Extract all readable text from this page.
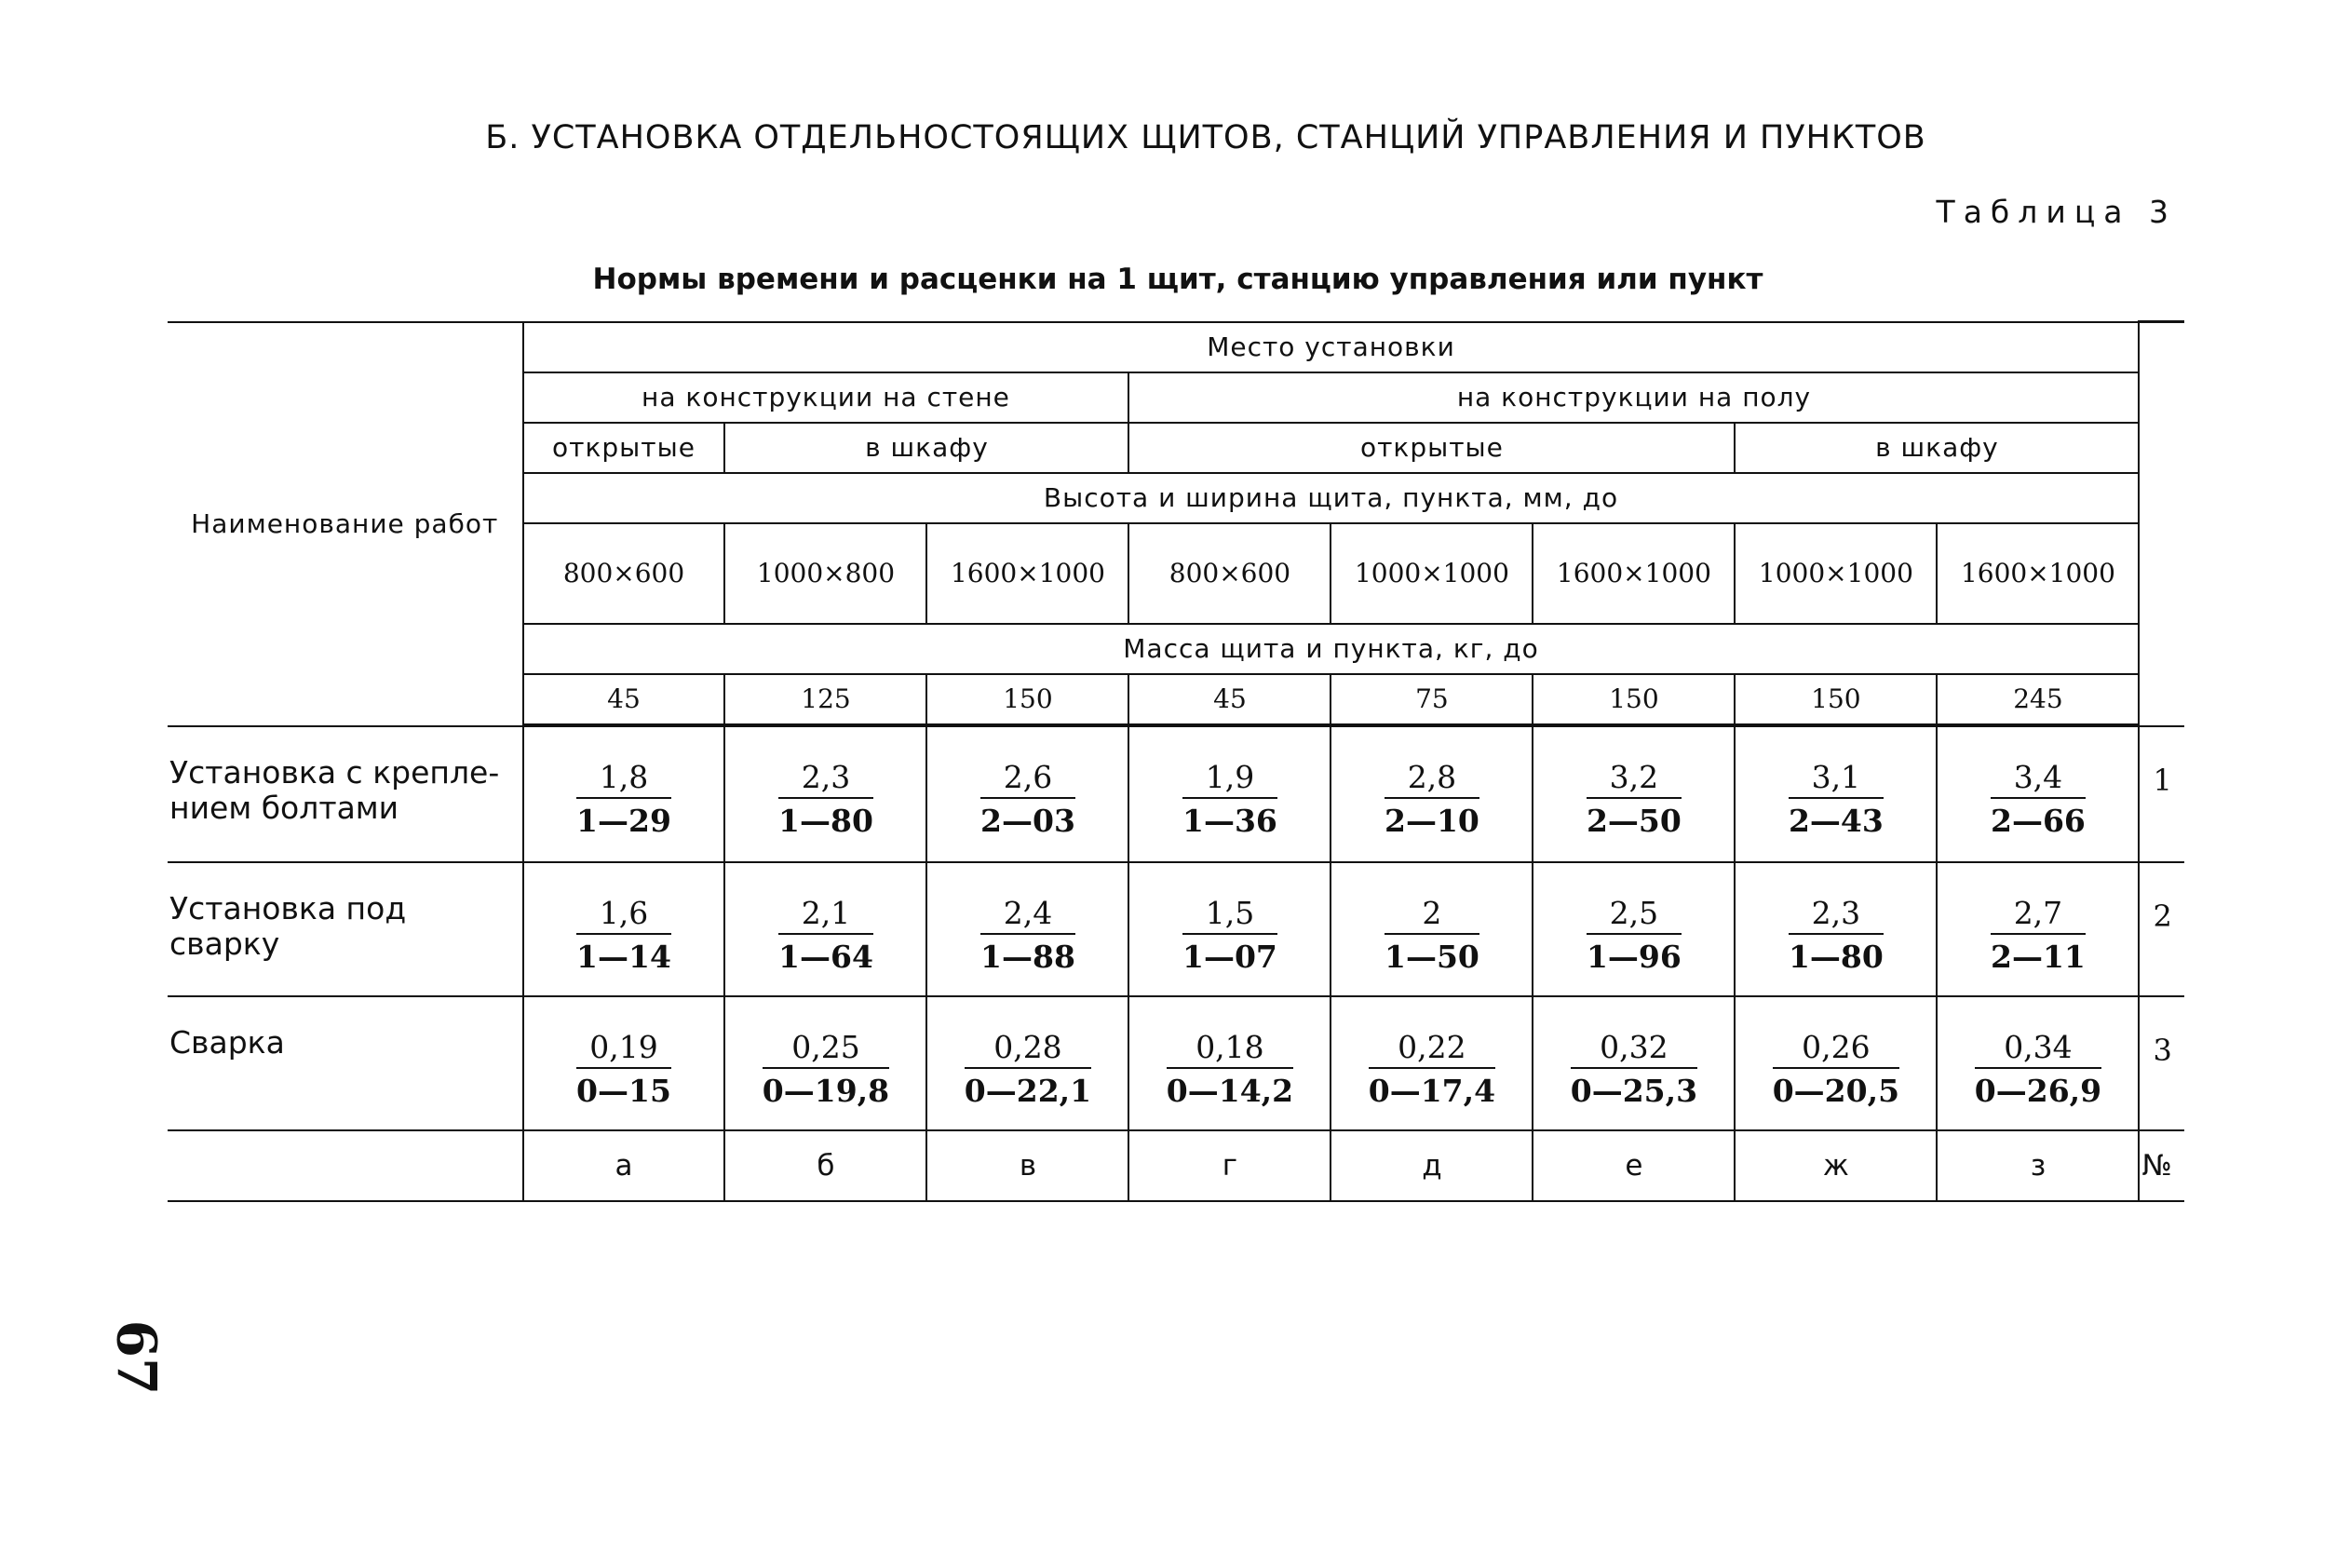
Б. УСТАНОВКА ОТДЕЛЬНОСТОЯЩИХ ЩИТОВ, СТАНЦИЙ УПРАВЛЕНИЯ И ПУНКТОВ
Таблица 3
Нормы времени и расценки на 1 щит, станцию управления или пункт
Наименование работ	Место установки								
	на конструкции на стене			на конструкции на полу					
	открытые	в шкафу		открытые			в шкафу		
	Высота и ширина щита, пункта, мм, до								
	800×600	1000×800	1600×1000	800×600	1000×1000	1600×1000	1000×1000	1600×1000	
	Масса щита и пункта, кг, до								
	45	125	150	45	75	150	150	245	

Установка с крепле-
нием болтами	$\frac{1,8}{1—29}$	$\frac{2,3}{1—80}$	$\frac{2,6}{2—03}$	$\frac{1,9}{1—36}$	$\frac{2,8}{2—10}$	$\frac{3,2}{2—50}$	$\frac{3,1}{2—43}$	$\frac{3,4}{2—66}$	1
Установка под сварку	$\frac{1,6}{1—14}$	$\frac{2,1}{1—64}$	$\frac{2,4}{1—88}$	$\frac{1,5}{1—07}$	$\frac{2}{1—50}$	$\frac{2,5}{1—96}$	$\frac{2,3}{1—80}$	$\frac{2,7}{2—11}$	2
Сварка	$\frac{0,19}{0—15}$	$\frac{0,25}{0—19,8}$	$\frac{0,28}{0—22,1}$	$\frac{0,18}{0—14,2}$	$\frac{0,22}{0—17,4}$	$\frac{0,32}{0—25,3}$	$\frac{0,26}{0—20,5}$	$\frac{0,34}{0—26,9}$	3
	а	б	в	г	д	е	ж	з	№
67
